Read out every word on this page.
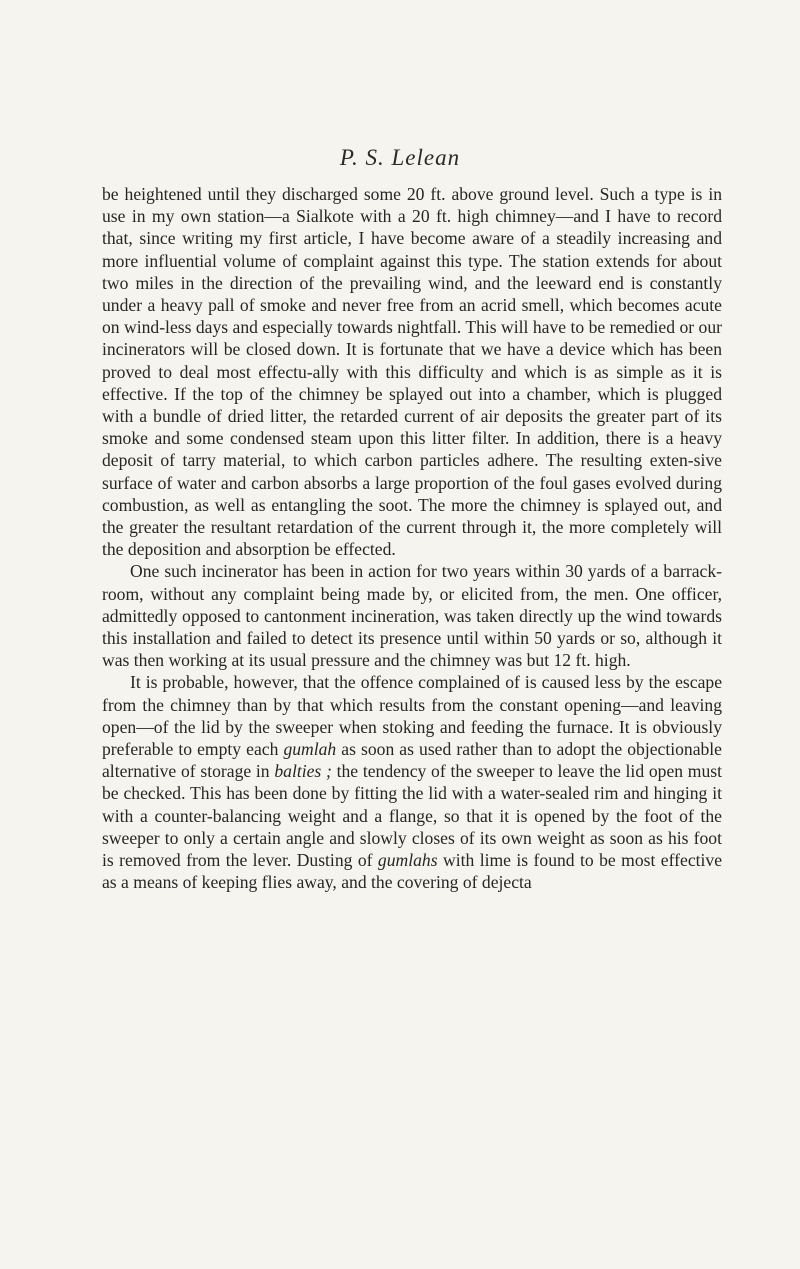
P. S. Lelean

be heightened until they discharged some 20 ft. above ground level. Such a type is in use in my own station—a Sialkote with a 20 ft. high chimney—and I have to record that, since writing my first article, I have become aware of a steadily increasing and more influential volume of complaint against this type. The station extends for about two miles in the direction of the prevailing wind, and the leeward end is constantly under a heavy pall of smoke and never free from an acrid smell, which becomes acute on wind-less days and especially towards nightfall. This will have to be remedied or our incinerators will be closed down. It is fortunate that we have a device which has been proved to deal most effectu-ally with this difficulty and which is as simple as it is effective. If the top of the chimney be splayed out into a chamber, which is plugged with a bundle of dried litter, the retarded current of air deposits the greater part of its smoke and some condensed steam upon this litter filter. In addition, there is a heavy deposit of tarry material, to which carbon particles adhere. The resulting exten-sive surface of water and carbon absorbs a large proportion of the foul gases evolved during combustion, as well as entangling the soot. The more the chimney is splayed out, and the greater the resultant retardation of the current through it, the more completely will the deposition and absorption be effected.

One such incinerator has been in action for two years within 30 yards of a barrack-room, without any complaint being made by, or elicited from, the men. One officer, admittedly opposed to cantonment incineration, was taken directly up the wind towards this installation and failed to detect its presence until within 50 yards or so, although it was then working at its usual pressure and the chimney was but 12 ft. high.

It is probable, however, that the offence complained of is caused less by the escape from the chimney than by that which results from the constant opening—and leaving open—of the lid by the sweeper when stoking and feeding the furnace. It is obviously preferable to empty each gumlah as soon as used rather than to adopt the objectionable alternative of storage in balties ; the tendency of the sweeper to leave the lid open must be checked. This has been done by fitting the lid with a water-sealed rim and hinging it with a counter-balancing weight and a flange, so that it is opened by the foot of the sweeper to only a certain angle and slowly closes of its own weight as soon as his foot is removed from the lever. Dusting of gumlahs with lime is found to be most effective as a means of keeping flies away, and the covering of dejecta
